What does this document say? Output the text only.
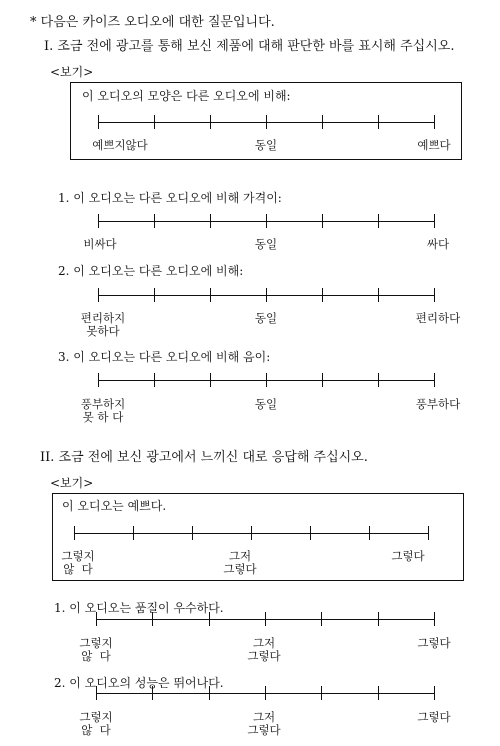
* 다음은 카이즈 오디오에 대한 질문입니다.
I. 조금 전에 광고를 통해 보신 제품에 대해 판단한 바를 표시해 주십시오.
<보기>
이 오디오의 모양은 다른 오디오에 비해:
예쁘지않다	동일	예쁘다
1. 이 오디오는 다른 오디오에 비해 가격이:
비싸다	동일	싸다
2. 이 오디오는 다른 오디오에 비해:
편리하지
못하다
동일	편리하다
3. 이 오디오는 다른 오디오에 비해 음이:
풍부하지
못 하 다
동일	풍부하다
II. 조금 전에 보신 광고에서 느끼신 대로 응답해 주십시오.
<보기>
이 오디오는 예쁘다.
그렇지
않  다
그저
그렇다
그렇다
1. 이 오디오는 품질이 우수하다.
그렇지
않  다
그저
그렇다
그렇다
2. 이 오디오의 성능은 뛰어나다.
그렇지
않  다
그저
그렇다
그렇다
